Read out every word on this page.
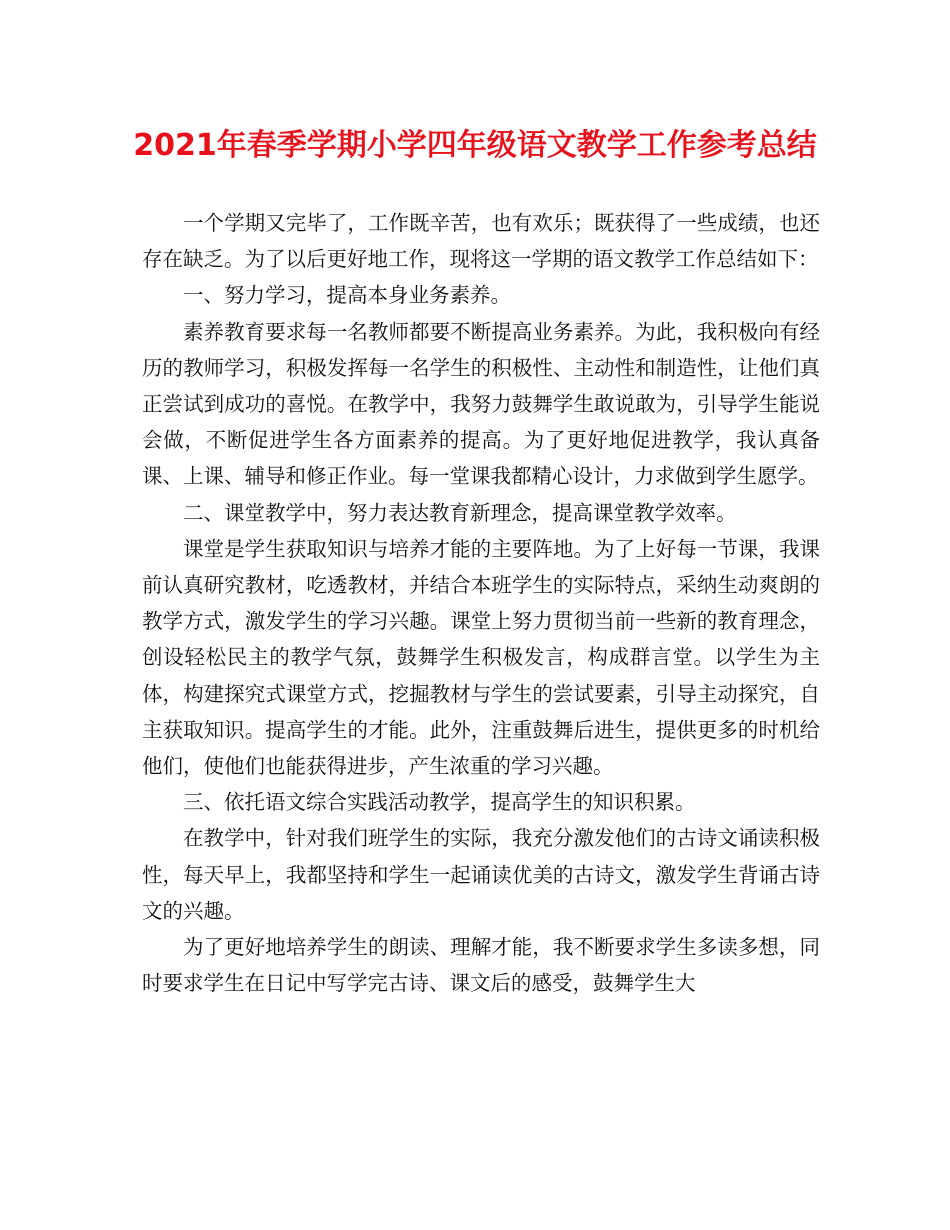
2021年春季学期小学四年级语文教学工作参考总结

一个学期又完毕了，工作既辛苦，也有欢乐；既获得了一些成绩，也还存在缺乏。为了以后更好地工作，现将这一学期的语文教学工作总结如下：

一、努力学习，提高本身业务素养。

素养教育要求每一名教师都要不断提高业务素养。为此，我积极向有经历的教师学习，积极发挥每一名学生的积极性、主动性和制造性，让他们真正尝试到成功的喜悦。在教学中，我努力鼓舞学生敢说敢为，引导学生能说会做，不断促进学生各方面素养的提高。为了更好地促进教学，我认真备课、上课、辅导和修正作业。每一堂课我都精心设计，力求做到学生愿学。

二、课堂教学中，努力表达教育新理念，提高课堂教学效率。

课堂是学生获取知识与培养才能的主要阵地。为了上好每一节课，我课前认真研究教材，吃透教材，并结合本班学生的实际特点，采纳生动爽朗的教学方式，激发学生的学习兴趣。课堂上努力贯彻当前一些新的教育理念，创设轻松民主的教学气氛，鼓舞学生积极发言，构成群言堂。以学生为主体，构建探究式课堂方式，挖掘教材与学生的尝试要素，引导主动探究，自主获取知识。提高学生的才能。此外，注重鼓舞后进生，提供更多的时机给他们，使他们也能获得进步，产生浓重的学习兴趣。

三、依托语文综合实践活动教学，提高学生的知识积累。

在教学中，针对我们班学生的实际，我充分激发他们的古诗文诵读积极性，每天早上，我都坚持和学生一起诵读优美的古诗文，激发学生背诵古诗文的兴趣。

为了更好地培养学生的朗读、理解才能，我不断要求学生多读多想，同时要求学生在日记中写学完古诗、课文后的感受，鼓舞学生大
